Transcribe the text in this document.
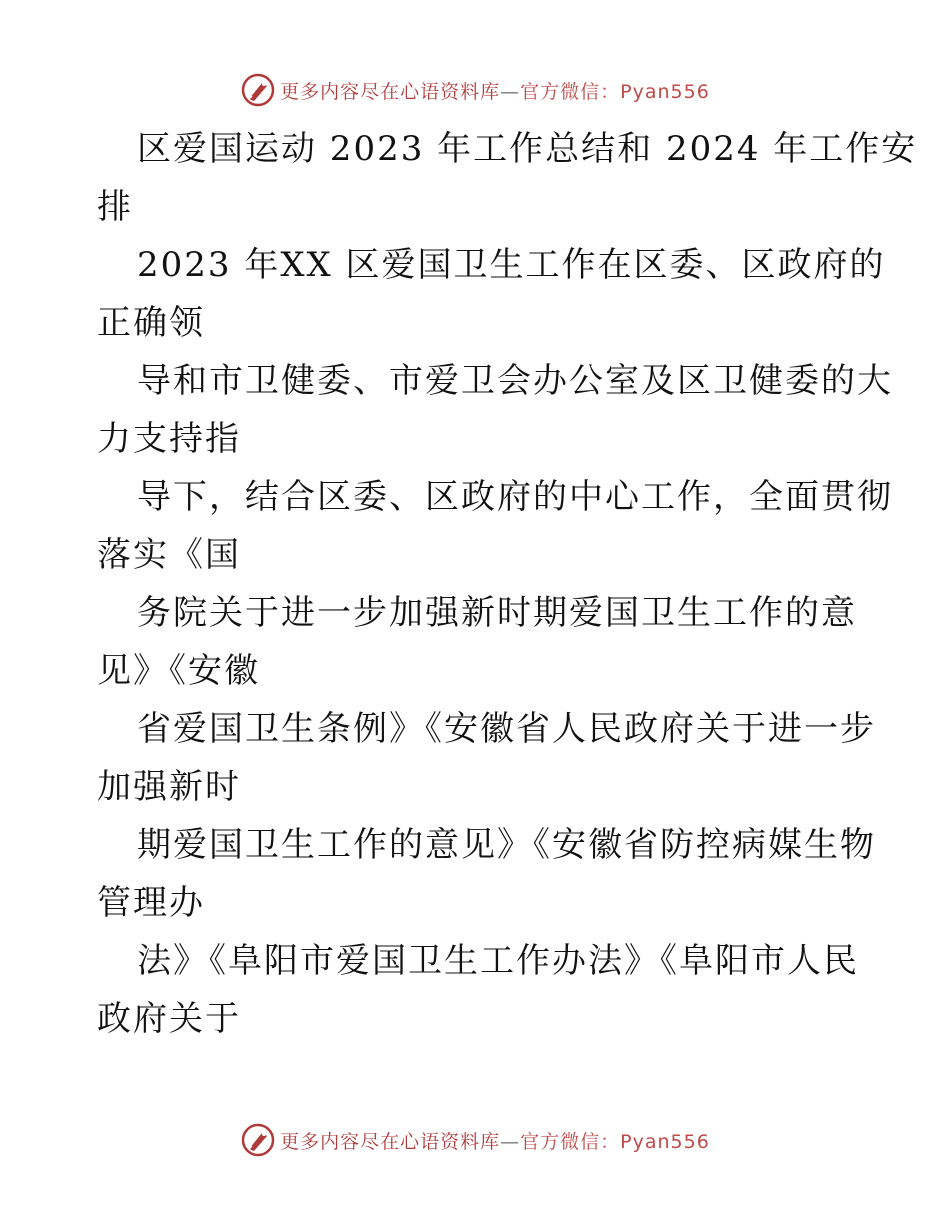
更多内容尽在心语资料库—官方微信：Pyan556
区爱国运动 2023 年工作总结和 2024 年工作安
排
2023 年XX 区爱国卫生工作在区委、区政府的
正确领
导和市卫健委、市爱卫会办公室及区卫健委的大
力支持指
导下，结合区委、区政府的中心工作，全面贯彻
落实《国
务院关于进一步加强新时期爱国卫生工作的意
见》《安徽
省爱国卫生条例》《安徽省人民政府关于进一步
加强新时
期爱国卫生工作的意见》《安徽省防控病媒生物
管理办
法》《阜阳市爱国卫生工作办法》《阜阳市人民
政府关于
更多内容尽在心语资料库—官方微信：Pyan556
